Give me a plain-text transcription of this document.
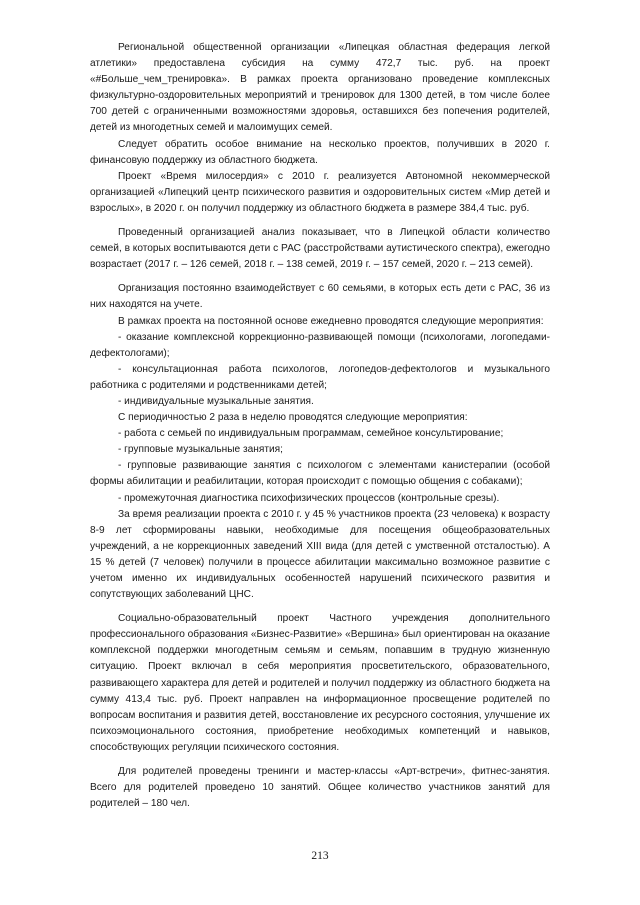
Региональной общественной организации «Липецкая областная федерация легкой атлетики» предоставлена субсидия на сумму 472,7 тыс. руб. на проект «#Больше_чем_тренировка». В рамках проекта организовано проведение комплексных физкультурно-оздоровительных мероприятий и тренировок для 1300 детей, в том числе более 700 детей с ограниченными возможностями здоровья, оставшихся без попечения родителей, детей из многодетных семей и малоимущих семей.

Следует обратить особое внимание на несколько проектов, получивших в 2020 г. финансовую поддержку из областного бюджета.

Проект «Время милосердия» с 2010 г. реализуется Автономной некоммерческой организацией «Липецкий центр психического развития и оздоровительных систем «Мир детей и взрослых», в 2020 г. он получил поддержку из областного бюджета в размере 384,4 тыс. руб.

Проведенный организацией анализ показывает, что в Липецкой области количество семей, в которых воспитываются дети с РАС (расстройствами аутистического спектра), ежегодно возрастает (2017 г. – 126 семей, 2018 г. – 138 семей, 2019 г. – 157 семей, 2020 г. – 213 семей).

Организация постоянно взаимодействует с 60 семьями, в которых есть дети с РАС, 36 из них находятся на учете.

В рамках проекта на постоянной основе ежедневно проводятся следующие мероприятия:

- оказание комплексной коррекционно-развивающей помощи (психологами, логопедами-дефектологами);

- консультационная работа психологов, логопедов-дефектологов и музыкального работника с родителями и родственниками детей;

- индивидуальные музыкальные занятия.

С периодичностью 2 раза в неделю проводятся следующие мероприятия:

- работа с семьей по индивидуальным программам, семейное консультирование;

- групповые музыкальные занятия;

- групповые развивающие занятия с психологом с элементами канистерапии (особой формы абилитации и реабилитации, которая происходит с помощью общения с собаками);

- промежуточная диагностика психофизических процессов (контрольные срезы).

За время реализации проекта с 2010 г. у 45 % участников проекта (23 человека) к возрасту 8-9 лет сформированы навыки, необходимые для посещения общеобразовательных учреждений, а не коррекционных заведений XIII вида (для детей с умственной отсталостью). А 15 % детей (7 человек) получили в процессе абилитации максимально возможное развитие с учетом именно их индивидуальных особенностей нарушений психического развития и сопутствующих заболеваний ЦНС.

Социально-образовательный проект Частного учреждения дополнительного профессионального образования «Бизнес-Развитие» «Вершина» был ориентирован на оказание комплексной поддержки многодетным семьям и семьям, попавшим в трудную жизненную ситуацию. Проект включал в себя мероприятия просветительского, образовательного, развивающего характера для детей и родителей и получил поддержку из областного бюджета на сумму 413,4 тыс. руб. Проект направлен на информационное просвещение родителей по вопросам воспитания и развития детей, восстановление их ресурсного состояния, улучшение их психоэмоционального состояния, приобретение необходимых компетенций и навыков, способствующих регуляции психического состояния.

Для родителей проведены тренинги и мастер-классы «Арт-встречи», фитнес-занятия. Всего для родителей проведено 10 занятий. Общее количество участников занятий для родителей – 180 чел.

213
